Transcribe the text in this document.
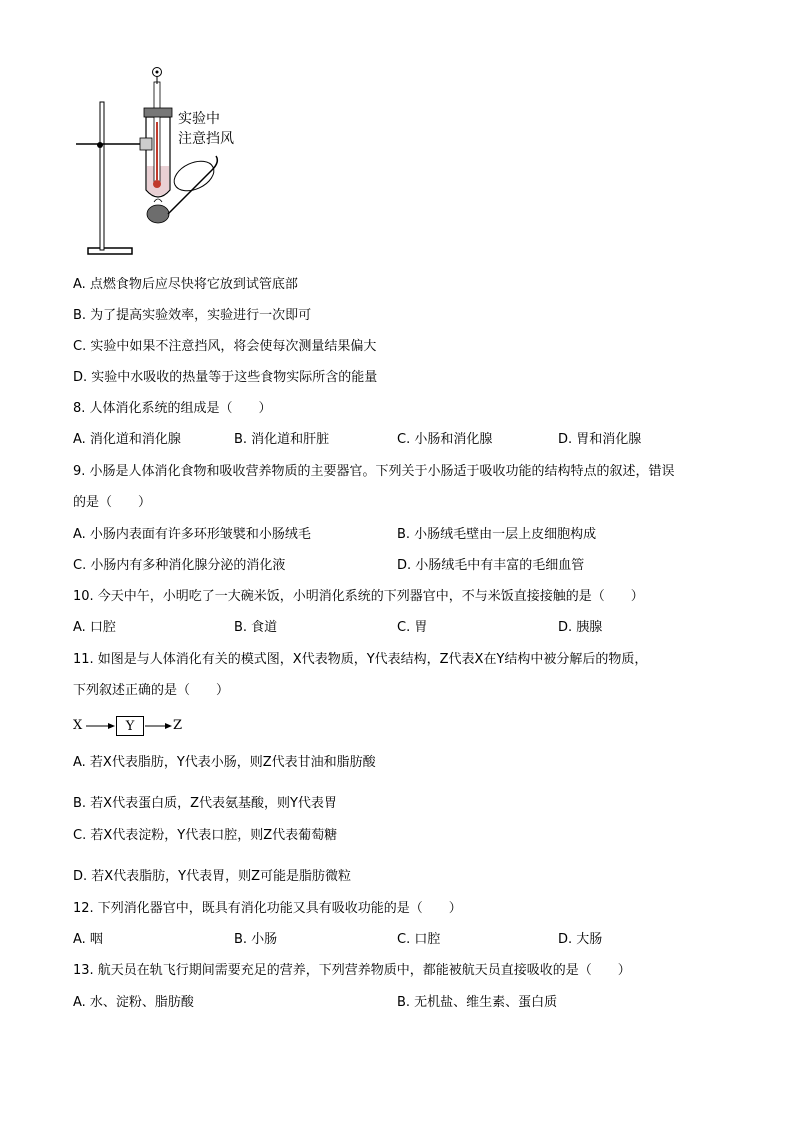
实验中
注意挡风
A. 点燃食物后应尽快将它放到试管底部
B. 为了提高实验效率，实验进行一次即可
C. 实验中如果不注意挡风，将会使每次测量结果偏大
D. 实验中水吸收的热量等于这些食物实际所含的能量
8. 人体消化系统的组成是（　　）
A. 消化道和消化腺	B. 消化道和肝脏	C. 小肠和消化腺	D. 胃和消化腺
9. 小肠是人体消化食物和吸收营养物质的主要器官。下列关于小肠适于吸收功能的结构特点的叙述，错误
的是（　　）
A. 小肠内表面有许多环形皱襞和小肠绒毛	B. 小肠绒毛壁由一层上皮细胞构成
C. 小肠内有多种消化腺分泌的消化液	D. 小肠绒毛中有丰富的毛细血管
10. 今天中午，小明吃了一大碗米饭，小明消化系统的下列器官中，不与米饭直接接触的是（　　）
A. 口腔	B. 食道	C. 胃	D. 胰腺
11. 如图是与人体消化有关的模式图，X代表物质，Y代表结构，Z代表X在Y结构中被分解后的物质，
下列叙述正确的是（　　）
X	Y	Z
A. 若X代表脂肪，Y代表小肠，则Z代表甘油和脂肪酸
B. 若X代表蛋白质，Z代表氨基酸，则Y代表胃
C. 若X代表淀粉，Y代表口腔，则Z代表葡萄糖
D. 若X代表脂肪，Y代表胃，则Z可能是脂肪微粒
12. 下列消化器官中，既具有消化功能又具有吸收功能的是（　　）
A. 咽	B. 小肠	C. 口腔	D. 大肠
13. 航天员在轨飞行期间需要充足的营养，下列营养物质中，都能被航天员直接吸收的是（　　）
A. 水、淀粉、脂肪酸	B. 无机盐、维生素、蛋白质
